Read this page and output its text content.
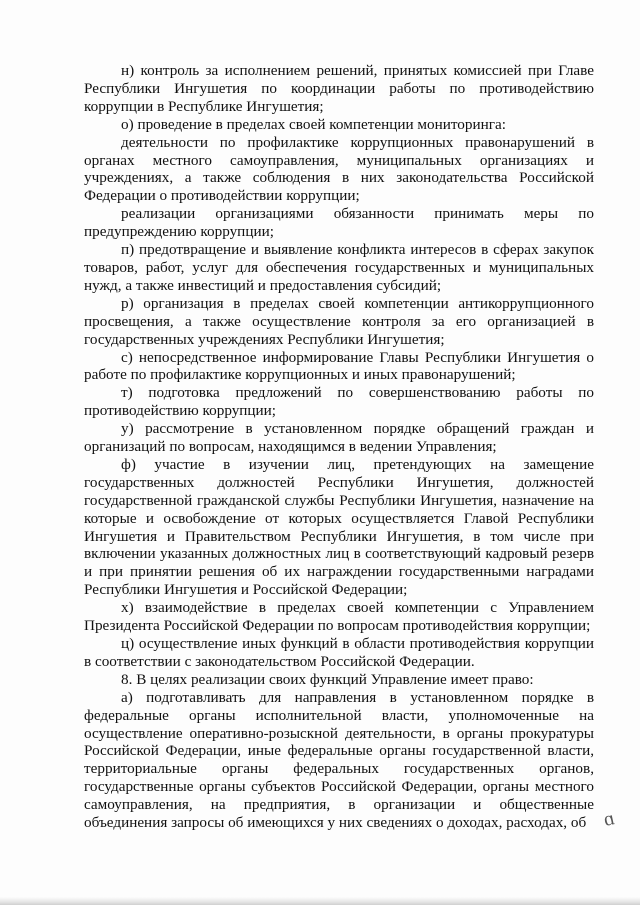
н) контроль за исполнением решений, принятых комиссией при Главе Республики Ингушетия по координации работы по противодействию коррупции в Республике Ингушетия;

о) проведение в пределах своей компетенции мониторинга:

деятельности по профилактике коррупционных правонарушений в органах местного самоуправления, муниципальных организациях и учреждениях, а также соблюдения в них законодательства Российской Федерации о противодействии коррупции;

реализации организациями обязанности принимать меры по предупреждению коррупции;

п) предотвращение и выявление конфликта интересов в сферах закупок товаров, работ, услуг для обеспечения государственных и муниципальных нужд, а также инвестиций и предоставления субсидий;

р) организация в пределах своей компетенции антикоррупционного просвещения, а также осуществление контроля за его организацией в государственных учреждениях Республики Ингушетия;

с) непосредственное информирование Главы Республики Ингушетия о работе по профилактике коррупционных и иных правонарушений;

т) подготовка предложений по совершенствованию работы по противодействию коррупции;

у) рассмотрение в установленном порядке обращений граждан и организаций по вопросам, находящимся в ведении Управления;

ф) участие в изучении лиц, претендующих на замещение государственных должностей Республики Ингушетия, должностей государственной гражданской службы Республики Ингушетия, назначение на которые и освобождение от которых осуществляется Главой Республики Ингушетия и Правительством Республики Ингушетия, в том числе при включении указанных должностных лиц в соответствующий кадровый резерв и при принятии решения об их награждении государственными наградами Республики Ингушетия и Российской Федерации;

х) взаимодействие в пределах своей компетенции с Управлением Президента Российской Федерации по вопросам противодействия коррупции;

ц) осуществление иных функций в области противодействия коррупции в соответствии с законодательством Российской Федерации.

8. В целях реализации своих функций Управление имеет право:

а) подготавливать для направления в установленном порядке в федеральные органы исполнительной власти, уполномоченные на осуществление оперативно-розыскной деятельности, в органы прокуратуры Российской Федерации, иные федеральные органы государственной власти, территориальные органы федеральных государственных органов, государственные органы субъектов Российской Федерации, органы местного самоуправления, на предприятия, в организации и общественные объединения запросы об имеющихся у них сведениях о доходах, расходах, об ɑ
